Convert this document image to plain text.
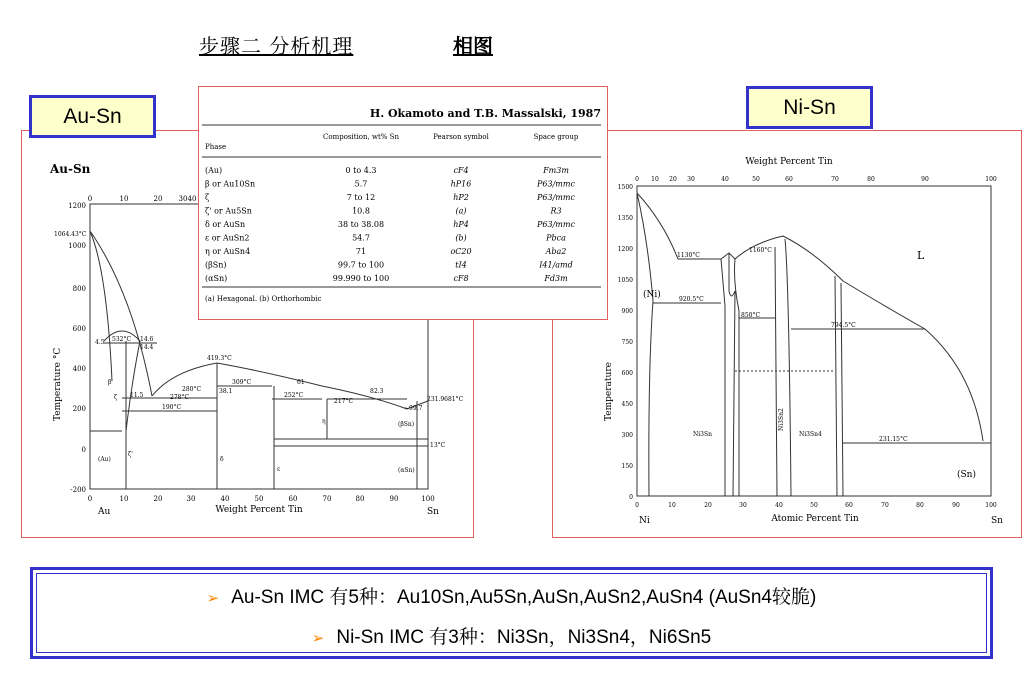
步骤二 分析机理	相图
Au-Sn
-200
0
200
400
600
800
1000
1200
0	10	20	30	40	50	60	70	80	90	100
0	10	20 30 40
Au	Sn
Weight Percent Tin
Temperature °C
1064.43°C
532°C 14.6
4.5
14.4
419.3°C
309°C
252°C
280°C
278°C
190°C
11.5
38.1
61
217°C
82.3
231.9681°C
~99.7
13°C
(βSn)
(αSn)
(Au)
β
ζ
ζ'
δ
ε
η
Weight Percent Tin
0 10 20 30	40	50	60	70	80	90	100
0
150
300
450
600
750
900
1050
1200
1350
1500
0	10	20	30	40	50	60	70	80	90	100
Ni	Sn
Atomic Percent Tin
Temperature
1130°C
1160°C
920.5°C
850°C
794.5°C
231.15°C
L
(Ni)
(Sn)
Ni3Sn
Ni3Sn2
Ni3Sn4
H. Okamoto and T.B. Massalski, 1987
Phase
Composition, wt% Sn	Pearson symbol	Space group
(Au)	0 to 4.3	cF4	Fm3m
β or Au10Sn	5.7	hP16	P63/mmc
ζ	7 to 12	hP2	P63/mmc
ζ' or Au5Sn	10.8	(a)	R3
δ or AuSn	38 to 38.08	hP4	P63/mmc
ε or AuSn2	54.7	(b)	Pbca
η or AuSn4	71	oC20	Aba2
(βSn)	99.7 to 100	tI4	I41/amd
(αSn)	99.990 to 100	cF8	Fd3m
(a) Hexagonal. (b) Orthorhombic
Au-Sn	Ni-Sn
➢ Au-Sn IMC 有5种：Au10Sn,Au5Sn,AuSn,AuSn2,AuSn4 (AuSn4较脆)
➢ Ni-Sn IMC 有3种：Ni3Sn，Ni3Sn4，Ni6Sn5
